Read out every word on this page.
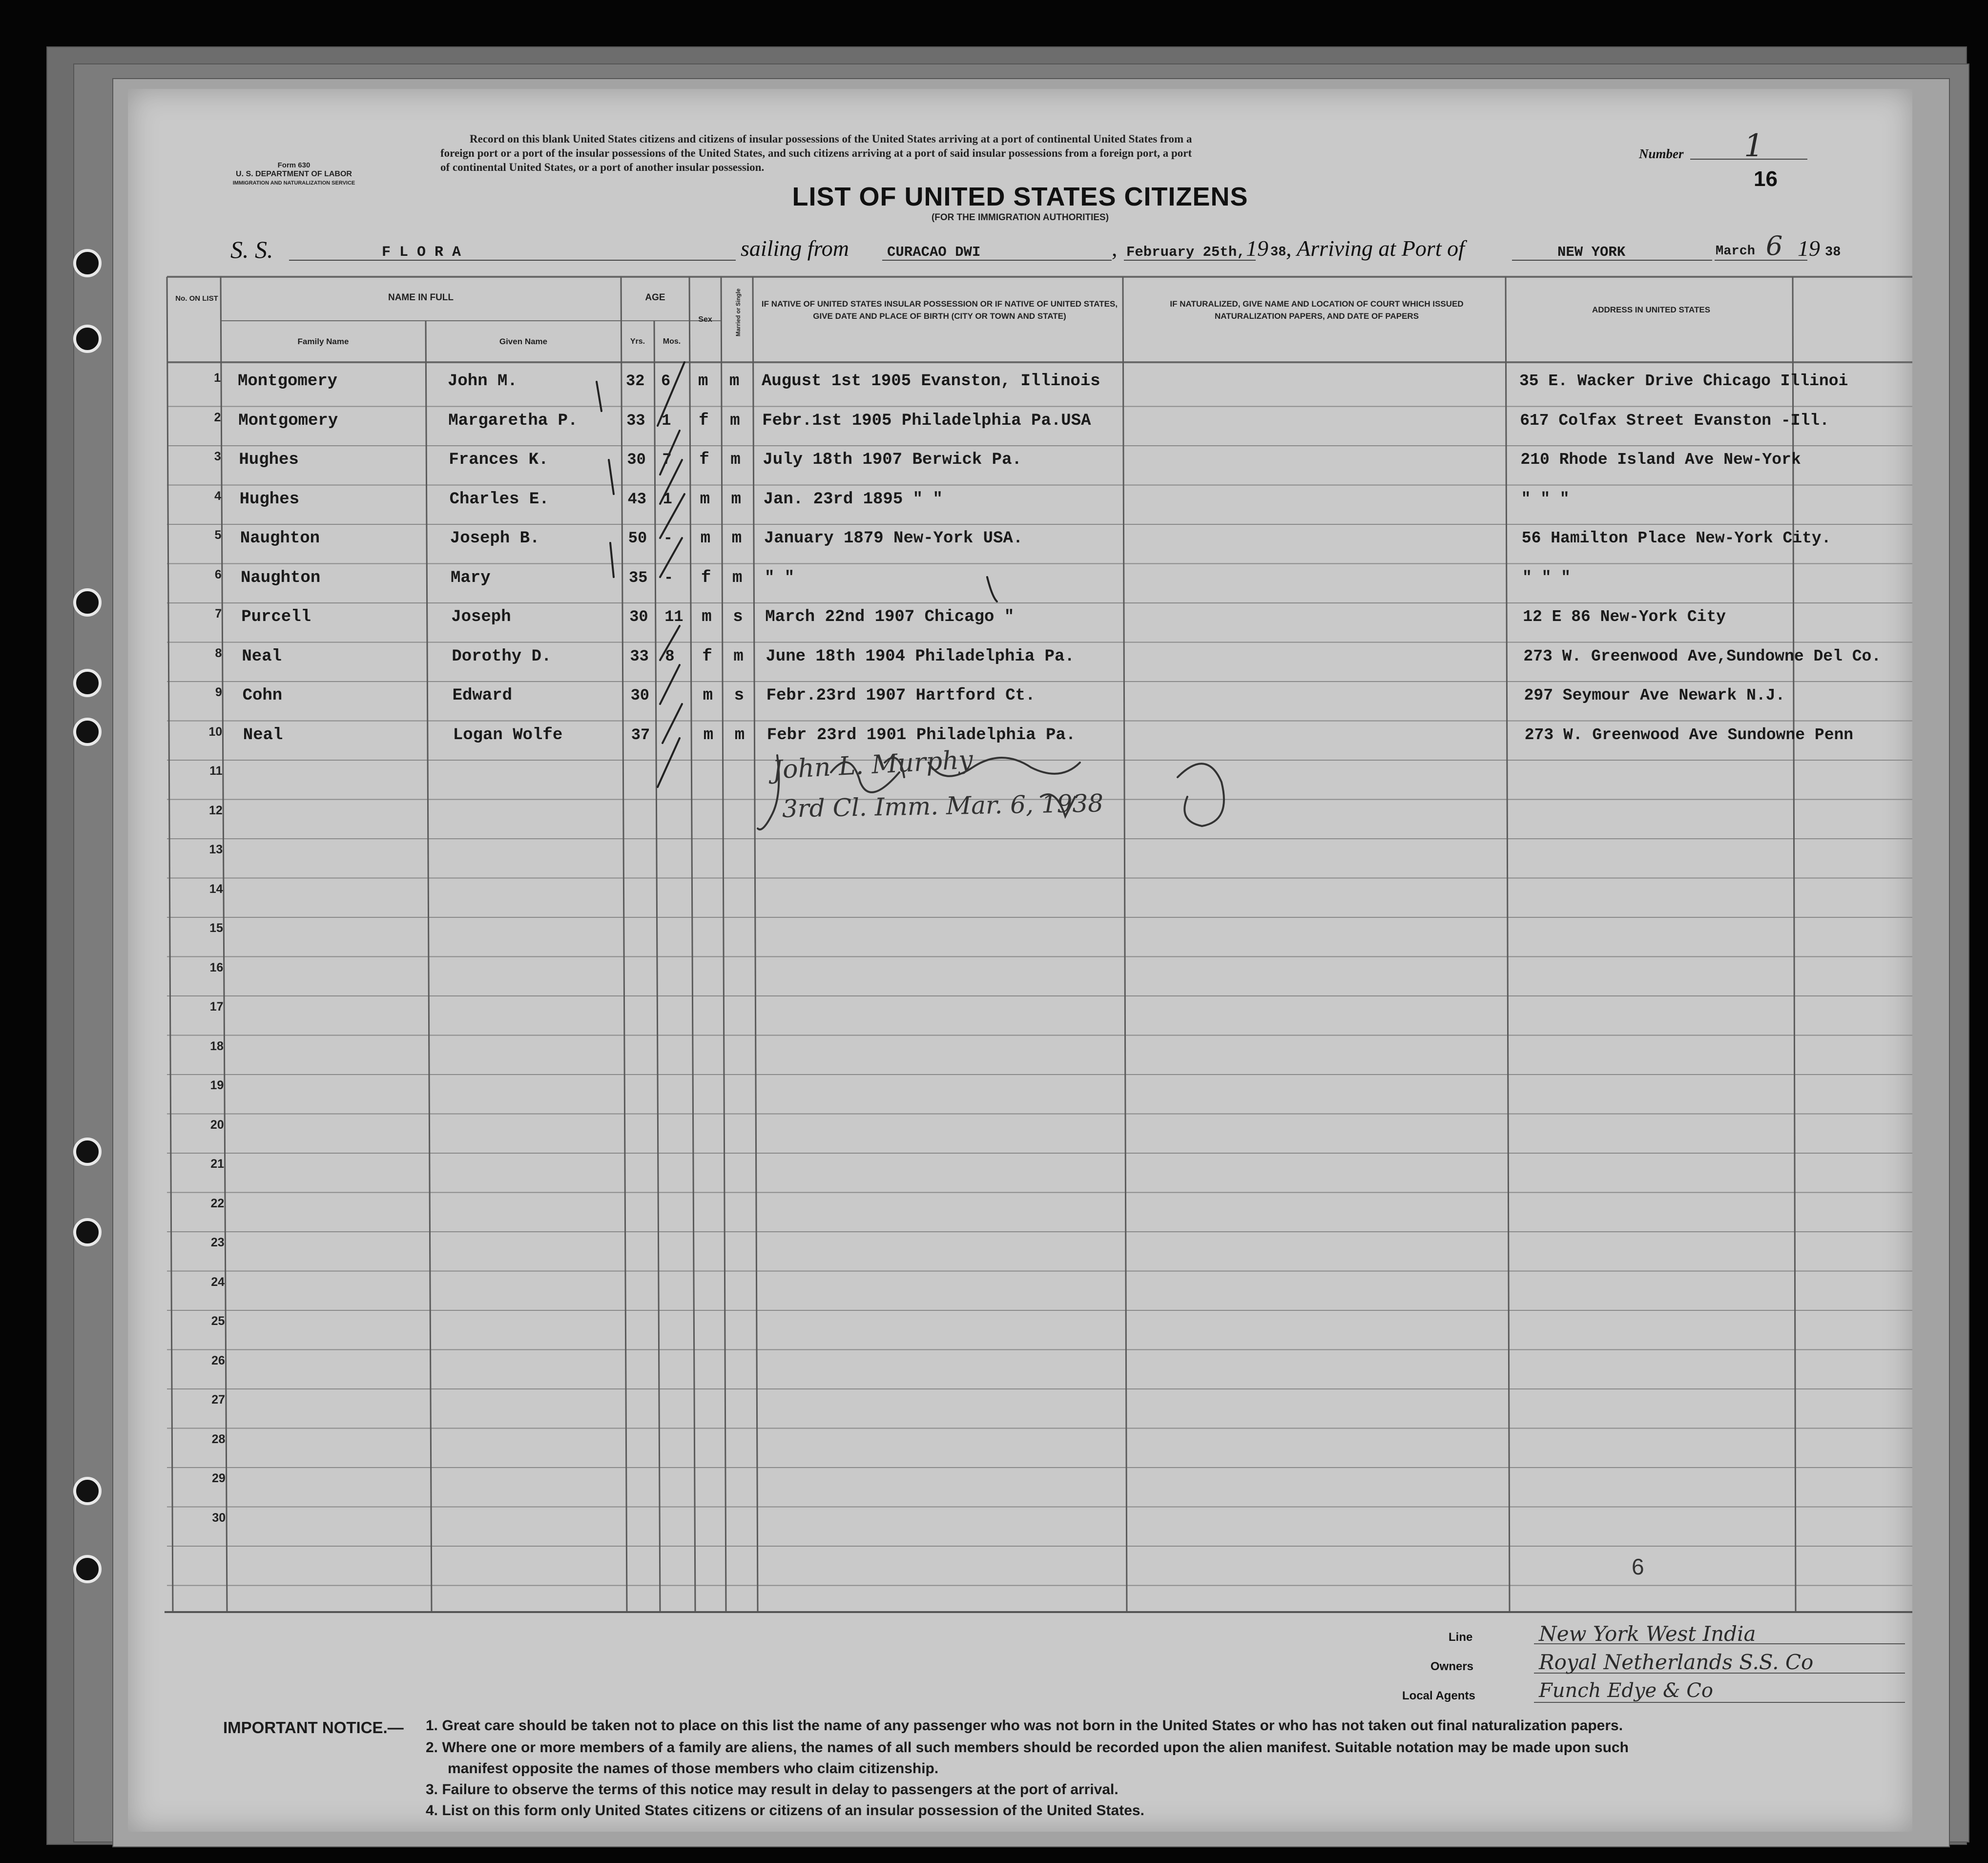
Form 630
U. S. DEPARTMENT OF LABOR
IMMIGRATION AND NATURALIZATION SERVICE
Record on this blank United States citizens and citizens of insular possessions of the United States arriving at a port of continental United States from a
foreign port or a port of the insular possessions of the United States, and such citizens arriving at a port of said insular possessions from a foreign port, a port
of continental United States, or a port of another insular possession.
Number 1
16
LIST OF UNITED STATES CITIZENS
(FOR THE IMMIGRATION AUTHORITIES)
S. S.	F L O R A	sailing from	CURACAO DWI	, February 25th, 19 38 , Arriving at Port of	NEW YORK	March 6 19 38
No. ON LIST	NAME IN FULL
Family Name	Given Name
AGE
Yrs.	Mos.
Sex	Married or Single IF NATIVE OF UNITED STATES INSULAR POSSESSION OR IF NATIVE OF UNITED STATES, GIVE DATE AND PLACE OF BIRTH (CITY OR TOWN AND STATE)
IF NATURALIZED, GIVE NAME AND LOCATION OF COURT WHICH ISSUED NATURALIZATION PAPERS, AND DATE OF PAPERS
ADDRESS IN UNITED STATES
1
2
3
4
5
6
7
8
9
10
11
12
13
14
15
16
17
18
19
20
21
22
23
24
25
26
27
28
29
30
Montgomery	John M.	32 6 m m August 1st 1905 Evanston, Illinois	35 E. Wacker Drive Chicago Illinoi
Montgomery	Margaretha P.	33 1 f m Febr.1st 1905 Philadelphia Pa.USA	617 Colfax Street Evanston -Ill.
Hughes	Frances K.	30 7 f m July 18th 1907 Berwick Pa.	210 Rhode Island Ave New-York
Hughes	Charles E.	43 1 m m Jan. 23rd 1895 " "	" " "
Naughton	Joseph B.	50 - m m January 1879 New-York USA.	56 Hamilton Place New-York City.
Naughton	Mary	35 - f m " "	" " "
Purcell	Joseph	30 11 m s March 22nd 1907 Chicago "	12 E 86 New-York City
Neal	Dorothy D.	33 8 f m June 18th 1904 Philadelphia Pa.	273 W. Greenwood Ave,Sundowne Del Co.
Cohn	Edward	30	m s Febr.23rd 1907 Hartford Ct.	297 Seymour Ave Newark N.J.
Neal	Logan Wolfe	37	m m Febr 23rd 1901 Philadelphia Pa.	273 W. Greenwood Ave Sundowne Penn
John L. Murphy
3rd Cl. Imm. Mar. 6, 1938
6
Line	New York West India
Owners	Royal Netherlands S.S. Co
Local Agents	Funch Edye & Co
IMPORTANT NOTICE.— 1. Great care should be taken not to place on this list the name of any passenger who was not born in the United States or who has not taken out final naturalization papers.
2. Where one or more members of a family are aliens, the names of all such members should be recorded upon the alien manifest. Suitable notation may be made upon such
manifest opposite the names of those members who claim citizenship.
3. Failure to observe the terms of this notice may result in delay to passengers at the port of arrival.
4. List on this form only United States citizens or citizens of an insular possession of the United States.
